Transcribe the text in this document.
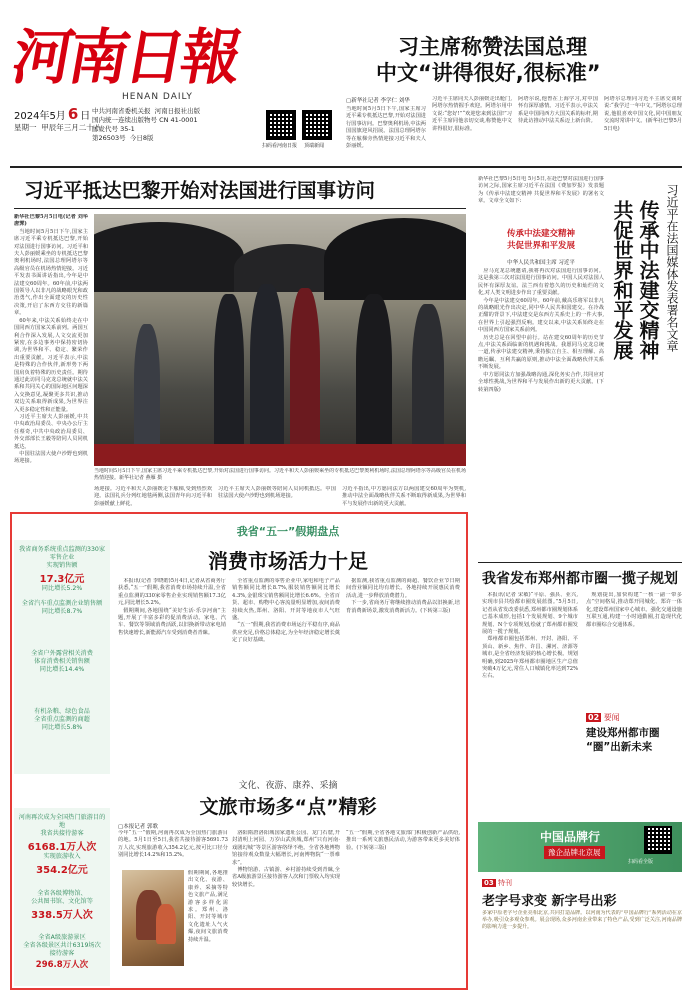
河
南
日
報
HENAN DAILY
2024年5月 6 日
星期一 甲辰年三月二十八
中共河南省委机关报 河南日报社出版
国内统一连续出版物号 CN 41-0001
邮发代号 35-1
第26503号 今日8版
扫码看河南日报 顶端新闻
习主席称赞法国总理
中文“讲得很好,很标准”
▢新华社记者 李学仁 刘华
当地时间5月5日下午,国家主席习近平乘专机抵达巴黎,开始对法国进行国事访问。巴黎奥利机场,中法两国国旗迎风招展。法国总理阿塔尔等在舷梯旁热情迎接习近平和夫人彭丽媛。
习近平主席同夫人彭丽媛走出舱门,阿塔尔热情握手欢迎。阿塔尔用中文说:“您好!”“欢迎您来到法国!”习近平主席同他亲切交谈,称赞他中文讲得很好,很标准。
阿塔尔说,他曾在上海学习,对中国怀有深厚感情。习近平表示,中法关系是中国同西方大国关系的标杆,期待此访推动中法关系迈上新台阶。
阿塔尔总理同习近平主席交谈时说:“我学过一年中文。”阿塔尔总理说,他很喜欢中国文化,同中国朋友交流时常讲中文。(新华社巴黎5月5日电)
习近平抵达巴黎开始对法国进行国事访问

新华社巴黎5月5日电(记者 刘华 唐霁)

当地时间5月5日下午,国家主席习近平乘专机抵达巴黎,开始对法国进行国事访问。习近平和夫人彭丽媛乘坐的专机抵达巴黎奥利机场时,法国总理阿塔尔等高级官员在机场热情迎接。习近平发表书面讲话指出,今年是中法建交60周年。60年前,中法两国领导人以非凡的战略眼光和政治勇气,作出全面建交的历史性决策,开启了东西方交往的新篇章。

60年来,中法关系始终走在中国同西方国家关系前列。两国互利合作深入发展,人文交流更加紧密,在多边事务中保持密切协调,为世界和平、稳定、繁荣作出重要贡献。习近平表示,中法是特殊的合作伙伴,新形势下两国肩负着特殊的历史责任。期待通过此访同马克龙总统就中法关系和共同关心的国际地区问题深入交换意见,凝聚更多共识,推动双边关系取得新成果,为世界注入更多稳定性和正能量。

习近平主席夫人彭丽媛,中共中央政治局委员、中央办公厅主任蔡奇,中共中央政治局委员、外交部部长王毅等陪同人员同机抵达。

中国驻法国大使卢沙野也到机场迎接。

当地时间5月5日下午,国家主席习近平乘专机抵达巴黎,开始对法国进行国事访问。习近平和夫人彭丽媛乘坐的专机抵达巴黎奥利机场时,法国总理阿塔尔等高级官员在机场热情迎接。新华社记者 燕雁 摄
场迎接。习近平和夫人彭丽媛走下舷梯,受到热烈欢迎。法国礼兵分列红地毯两侧,法国青年向习近平和彭丽媛献上鲜花。
习近平主席夫人彭丽媛等陪同人员同机抵达。中国驻法国大使卢沙野也到机场迎接。
习近平指出,中方愿同法方以两国建交60周年为契机,推动中法全面战略伙伴关系不断取得新成果,为世界和平与发展作出新的更大贡献。
新华社巴黎5月5日电 5月5日,在赴巴黎对法国进行国事访问之际,国家主席习近平在法国《费加罗报》发表题为《传承中法建交精神 共促世界和平发展》的署名文章。文章全文如下:
传承中法建交精神
共促世界和平发展
中华人民共和国主席 习近平

应马克龙总统邀请,我将再次对法国进行国事访问。这是我第三次对法国进行国事访问。中国人民对法国人民怀有深厚友谊。法兰西有着悠久的历史和灿烂的文化,对人类文明进步作出了重要贡献。

今年是中法建交60周年。60年前,戴高乐将军以非凡的战略眼光作出决定,同中华人民共和国建交。在冷战正酣的背景下,中法建交是东西方关系史上的一件大事,在世界上引起强烈反响。建交以来,中法关系始终走在中国同西方国家关系前列。

历史总是在回望中前行。站在建交60周年的历史节点,中法关系面临新的机遇和挑战。我愿同马克龙总统一道,传承中法建交精神,秉持独立自主、相互理解、高瞻远瞩、互利共赢的原则,推动中法全面战略伙伴关系不断发展。

中方愿同法方加强战略沟通,深化务实合作,共同应对全球性挑战,为世界和平与发展作出新的更大贡献。(下转第四版)

习近平在法国媒体发表署名文章
传承中法建交精神
共促世界和平发展
我省商务系统重点监测的330家零售企业
实现销售额
17.3亿元
同比增长5.2%
全省汽车重点监测企业销售额
同比增长8.7%
全省户外露营相关消费
体育消费相关销售额
同比增长14.4%
有机杂粮、绿色食品
全省重点监测的商超
同比增长5.8%
我省“五一”假期盘点
消费市场活力十足

本报讯(记者 李晓皓)5月4日,记者从省商务厅获悉,“五一”假期,我省消费市场持续升温,全省重点监测的330家零售企业实现销售额17.3亿元,同比增长5.2%。

假期期间,各地围绕“美好生活·乐享河南”主题,开展了丰富多彩的促消费活动。家电、汽车、餐饮等领域消费活跃,以旧换新带动家电销售快速增长,新能源汽车受到消费者青睐。

全省重点监测的零售企业中,家电和电子产品销售额同比增长8.7%,服装销售额同比增长4.3%,金银珠宝销售额同比增长6.6%。全省百货、超市、购物中心客流量明显增加,夜间消费持续火热,郑州、洛阳、开封等地夜市人气旺盛。

“五一”假期,我省消费市场运行平稳有序,商品供应充足,价格总体稳定,为全年经济稳定增长奠定了良好基础。

据监测,我省重点监测的商超、餐饮企业节日期间营业额同比均有增长。各地持续开展惠民消费活动,进一步释放消费潜力。

下一步,省商务厅将继续推动消费品以旧换新,培育消费新场景,激发消费新活力。(下转第三版)

河南再次成为全国热门旅游目的地
我省共接待游客
6168.1万人次
实现旅游收入
354.2亿元
全省各级博物馆、
公共图书馆、文化馆等
338.5万人次
全省A级旅游景区
全省各级景区共计6319场次
接待游客
296.8万人次
文化、夜游、康养、采摘
文旅市场多“点”精彩
▢本报记者 郭歌
今年“五一”假期,河南再次成为全国热门旅游目的地。5月1日至5日,我省共接待游客5691.73万人次,实现旅游收入354.2亿元,按可比口径分别同比增长14.2%和15.2%。
假期期间,各地推出文化、夜游、康养、采摘等特色文旅产品,满足游客多样化需求。郑州、洛阳、开封等城市文化遗址人气火爆,夜间文旅消费持续升温。

洛阳隋唐洛阳城国家遗址公园、龙门石窟,开封清明上河园、万岁山武侠城,郑州“只有河南·戏剧幻城”等景区游客络绎不绝。全省各地博物馆接待观众数量大幅增长,河南博物院“一票难求”。

博物馆游、古镇游、乡村游持续受到青睐,全省A级旅游景区接待游客人次和门票收入均实现较快增长。

“五一”假期,全省各地文旅部门积极创新产品供给,推出一系列文旅惠民活动,为游客带来更多美好体验。(下转第三版)
我省发布郑州都市圈一揽子规划

本报讯(记者 宋敏)“平原、强县、业兴,实现市县共绘都市圈发展蓝图。”5月5日,记者从省发改委获悉,郑州都市圈规划体系已基本成形,包括1个发展规划、9个城市规划、N个专项规划,绘就了郑州都市圈发展的一揽子规划。

郑州都市圈包括郑州、开封、洛阳、平顶山、新乡、焦作、许昌、漯河、济源等城市,是全省经济发展的核心增长极。规划明确,到2025年郑州都市圈地区生产总值突破4万亿元,常住人口城镇化率达到72%左右。

规划提出,加快构建“一核一副一带多点”空间格局,推动郑开同城化、郑许一体化,建设郑州国家中心城市。强化交通设施互联互通,构建一小时通勤圈,打造现代化都市圈综合交通体系。

02 要闻
建设郑州都市圈
“圈”出新未来
中国品牌行
豫企品牌北京展
扫码看全版
03 特刊
老字号求变 新字号出彩
多家中原老字号企业亮相北京,共同打造品牌。以河南为代表的“中国品牌行”系列活动在京举办,吸引众多观众参观。展会现场,众多河南企业带来了特色产品,受到广泛关注,河南品牌的影响力进一步提升。
